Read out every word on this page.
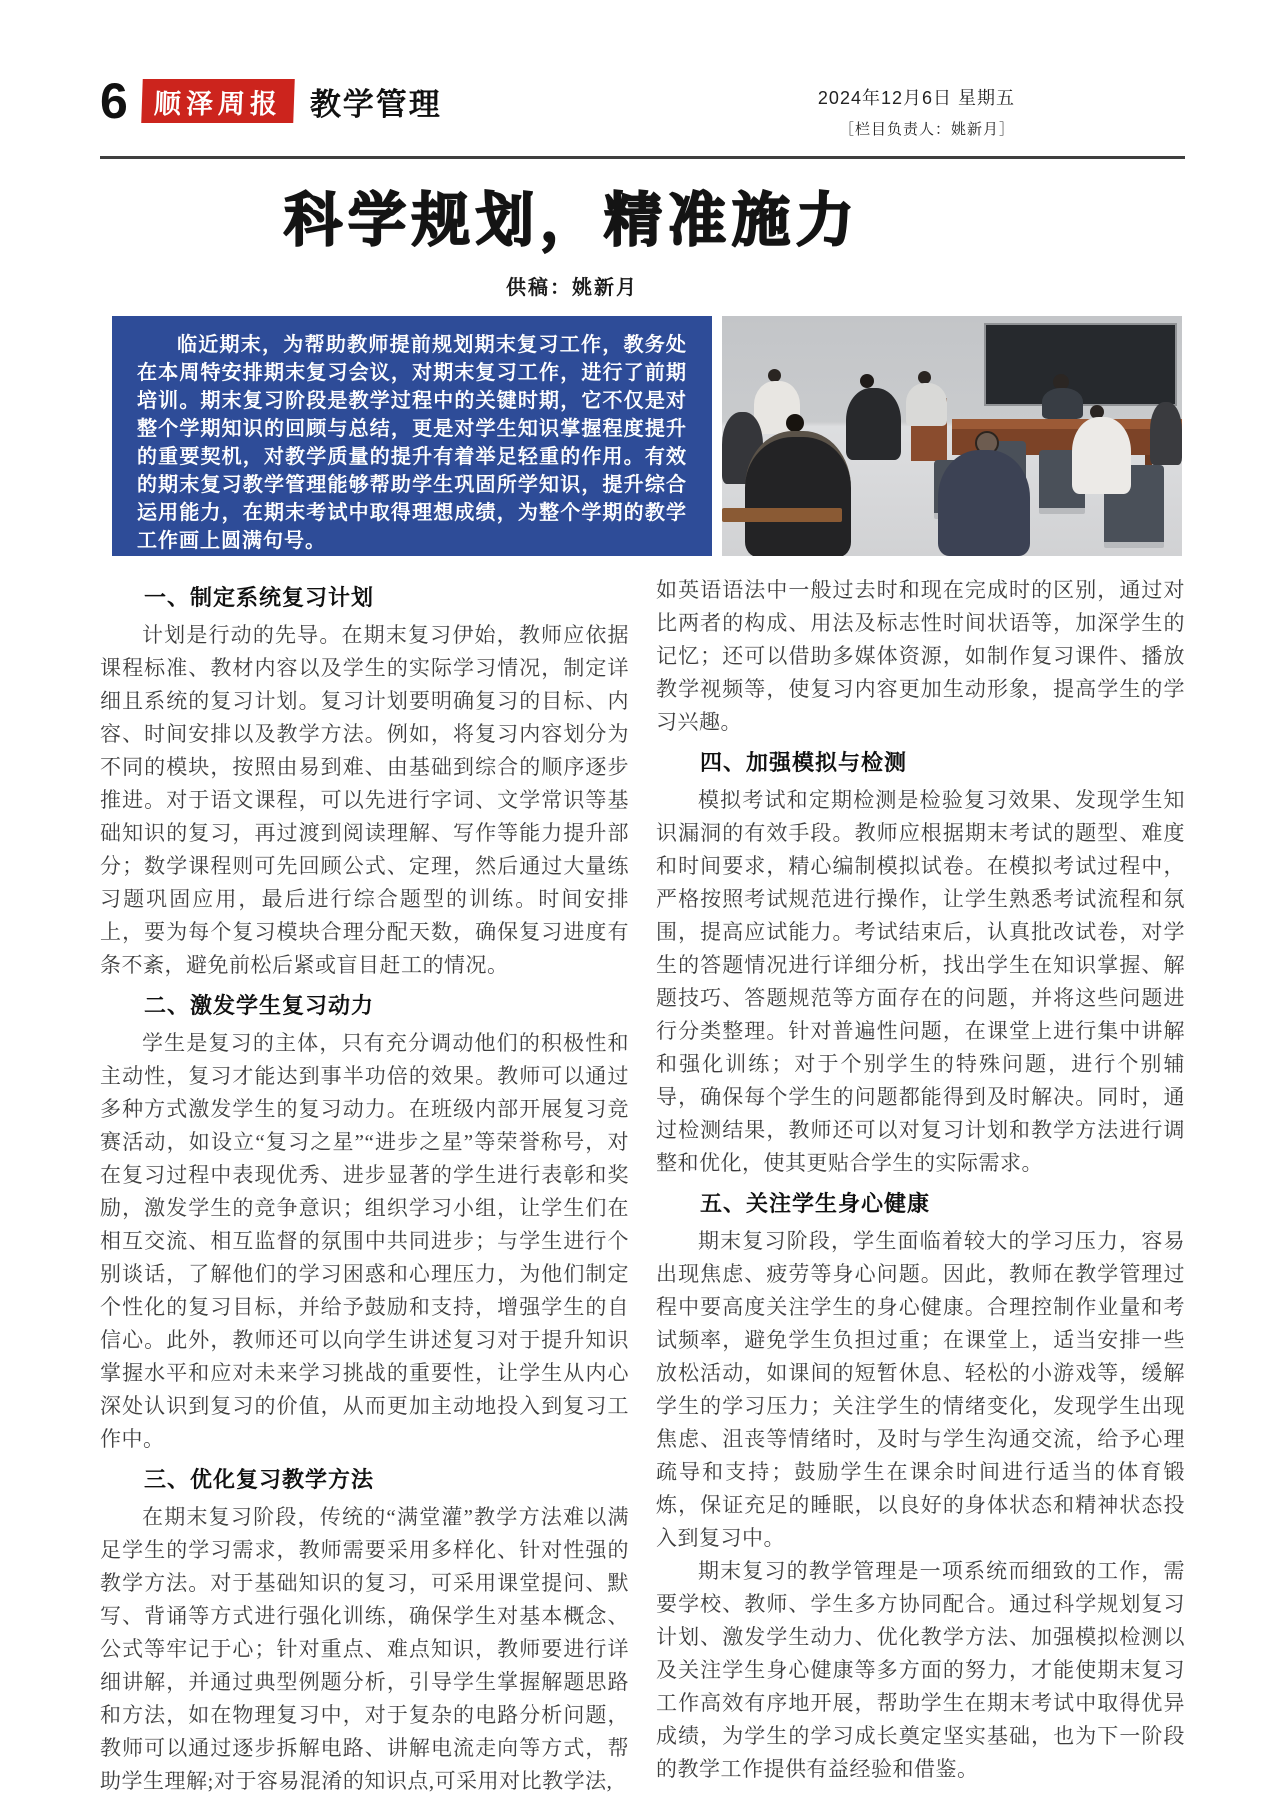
6 顺泽周报 教学管理	2024年12月6日 星期五
［栏目负责人：姚新月］
科学规划，精准施力
供稿：姚新月
临近期末，为帮助教师提前规划期末复习工作，教务处在本周特安排期末复习会议，对期末复习工作，进行了前期培训。期末复习阶段是教学过程中的关键时期，它不仅是对整个学期知识的回顾与总结，更是对学生知识掌握程度提升的重要契机，对教学质量的提升有着举足轻重的作用。有效的期末复习教学管理能够帮助学生巩固所学知识，提升综合运用能力，在期末考试中取得理想成绩，为整个学期的教学工作画上圆满句号。
一、制定系统复习计划

计划是行动的先导。在期末复习伊始，教师应依据课程标准、教材内容以及学生的实际学习情况，制定详细且系统的复习计划。复习计划要明确复习的目标、内容、时间安排以及教学方法。例如，将复习内容划分为不同的模块，按照由易到难、由基础到综合的顺序逐步推进。对于语文课程，可以先进行字词、文学常识等基础知识的复习，再过渡到阅读理解、写作等能力提升部分；数学课程则可先回顾公式、定理，然后通过大量练习题巩固应用，最后进行综合题型的训练。时间安排上，要为每个复习模块合理分配天数，确保复习进度有条不紊，避免前松后紧或盲目赶工的情况。

二、激发学生复习动力

学生是复习的主体，只有充分调动他们的积极性和主动性，复习才能达到事半功倍的效果。教师可以通过多种方式激发学生的复习动力。在班级内部开展复习竞赛活动，如设立“复习之星”“进步之星”等荣誉称号，对在复习过程中表现优秀、进步显著的学生进行表彰和奖励，激发学生的竞争意识；组织学习小组，让学生们在相互交流、相互监督的氛围中共同进步；与学生进行个别谈话，了解他们的学习困惑和心理压力，为他们制定个性化的复习目标，并给予鼓励和支持，增强学生的自信心。此外，教师还可以向学生讲述复习对于提升知识掌握水平和应对未来学习挑战的重要性，让学生从内心深处认识到复习的价值，从而更加主动地投入到复习工作中。

三、优化复习教学方法

在期末复习阶段，传统的“满堂灌”教学方法难以满足学生的学习需求，教师需要采用多样化、针对性强的教学方法。对于基础知识的复习，可采用课堂提问、默写、背诵等方式进行强化训练，确保学生对基本概念、公式等牢记于心；针对重点、难点知识，教师要进行详细讲解，并通过典型例题分析，引导学生掌握解题思路和方法，如在物理复习中，对于复杂的电路分析问题，教师可以通过逐步拆解电路、讲解电流走向等方式，帮助学生理解;对于容易混淆的知识点,可采用对比教学法,

如英语语法中一般过去时和现在完成时的区别，通过对比两者的构成、用法及标志性时间状语等，加深学生的记忆；还可以借助多媒体资源，如制作复习课件、播放教学视频等，使复习内容更加生动形象，提高学生的学习兴趣。

四、加强模拟与检测

模拟考试和定期检测是检验复习效果、发现学生知识漏洞的有效手段。教师应根据期末考试的题型、难度和时间要求，精心编制模拟试卷。在模拟考试过程中，严格按照考试规范进行操作，让学生熟悉考试流程和氛围，提高应试能力。考试结束后，认真批改试卷，对学生的答题情况进行详细分析，找出学生在知识掌握、解题技巧、答题规范等方面存在的问题，并将这些问题进行分类整理。针对普遍性问题，在课堂上进行集中讲解和强化训练；对于个别学生的特殊问题，进行个别辅导，确保每个学生的问题都能得到及时解决。同时，通过检测结果，教师还可以对复习计划和教学方法进行调整和优化，使其更贴合学生的实际需求。

五、关注学生身心健康

期末复习阶段，学生面临着较大的学习压力，容易出现焦虑、疲劳等身心问题。因此，教师在教学管理过程中要高度关注学生的身心健康。合理控制作业量和考试频率，避免学生负担过重；在课堂上，适当安排一些放松活动，如课间的短暂休息、轻松的小游戏等，缓解学生的学习压力；关注学生的情绪变化，发现学生出现焦虑、沮丧等情绪时，及时与学生沟通交流，给予心理疏导和支持；鼓励学生在课余时间进行适当的体育锻炼，保证充足的睡眠，以良好的身体状态和精神状态投入到复习中。

期末复习的教学管理是一项系统而细致的工作，需要学校、教师、学生多方协同配合。通过科学规划复习计划、激发学生动力、优化教学方法、加强模拟检测以及关注学生身心健康等多方面的努力，才能使期末复习工作高效有序地开展，帮助学生在期末考试中取得优异成绩，为学生的学习成长奠定坚实基础，也为下一阶段的教学工作提供有益经验和借鉴。
